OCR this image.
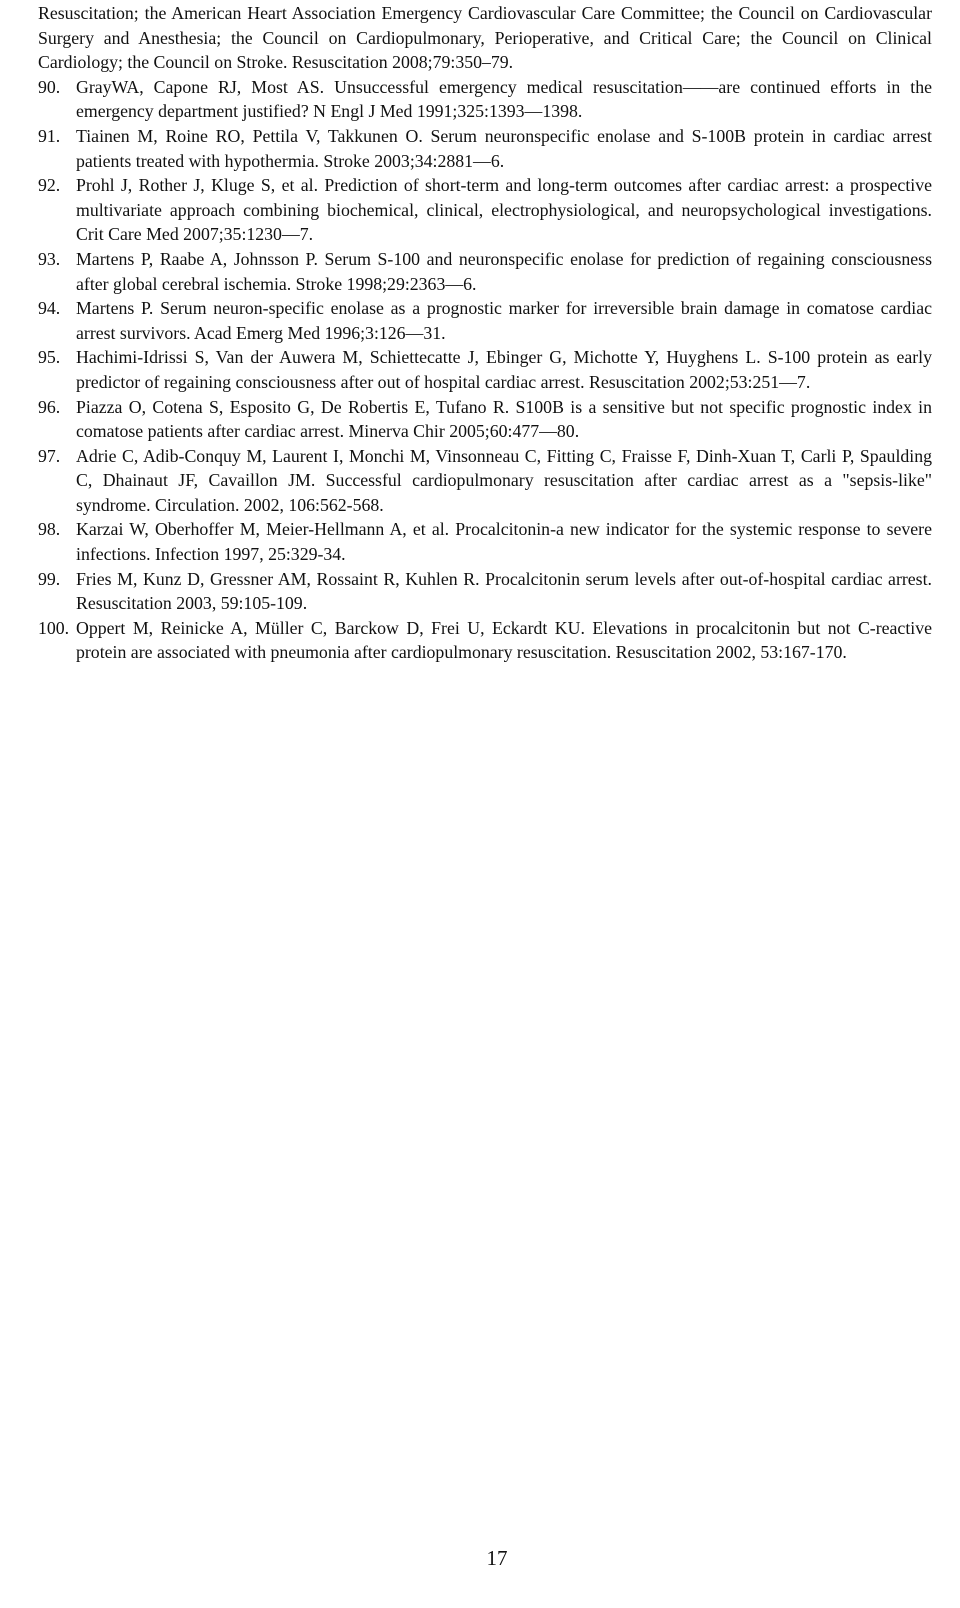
Resuscitation; the American Heart Association Emergency Cardiovascular Care Committee; the Council on Cardiovascular Surgery and Anesthesia; the Council on Cardiopulmonary, Perioperative, and Critical Care; the Council on Clinical Cardiology; the Council on Stroke. Resuscitation 2008;79:350–79.

90. GrayWA, Capone RJ, Most AS. Unsuccessful emergency medical resuscitation——are continued efforts in the emergency department justified? N Engl J Med 1991;325:1393—1398.
91. Tiainen M, Roine RO, Pettila V, Takkunen O. Serum neuronspecific enolase and S-100B protein in cardiac arrest patients treated with hypothermia. Stroke 2003;34:2881—6.
92. Prohl J, Rother J, Kluge S, et al. Prediction of short-term and long-term outcomes after cardiac arrest: a prospective multivariate approach combining biochemical, clinical, electrophysiological, and neuropsychological investigations. Crit Care Med 2007;35:1230—7.
93. Martens P, Raabe A, Johnsson P. Serum S-100 and neuronspecific enolase for prediction of regaining consciousness after global cerebral ischemia. Stroke 1998;29:2363—6.
94. Martens P. Serum neuron-specific enolase as a prognostic marker for irreversible brain damage in comatose cardiac arrest survivors. Acad Emerg Med 1996;3:126—31.
95. Hachimi-Idrissi S, Van der Auwera M, Schiettecatte J, Ebinger G, Michotte Y, Huyghens L. S-100 protein as early predictor of regaining consciousness after out of hospital cardiac arrest. Resuscitation 2002;53:251—7.
96. Piazza O, Cotena S, Esposito G, De Robertis E, Tufano R. S100B is a sensitive but not specific prognostic index in comatose patients after cardiac arrest. Minerva Chir 2005;60:477—80.
97. Adrie C, Adib-Conquy M, Laurent I, Monchi M, Vinsonneau C, Fitting C, Fraisse F, Dinh-Xuan T, Carli P, Spaulding C, Dhainaut JF, Cavaillon JM. Successful cardiopulmonary resuscitation after cardiac arrest as a "sepsis-like" syndrome. Circulation. 2002, 106:562-568.
98. Karzai W, Oberhoffer M, Meier-Hellmann A, et al. Procalcitonin-a new indicator for the systemic response to severe infections. Infection 1997, 25:329-34.
99. Fries M, Kunz D, Gressner AM, Rossaint R, Kuhlen R. Procalcitonin serum levels after out-of-hospital cardiac arrest. Resuscitation 2003, 59:105-109.
100. Oppert M, Reinicke A, Müller C, Barckow D, Frei U, Eckardt KU. Elevations in procalcitonin but not C-reactive protein are associated with pneumonia after cardiopulmonary resuscitation. Resuscitation 2002, 53:167-170.
17
